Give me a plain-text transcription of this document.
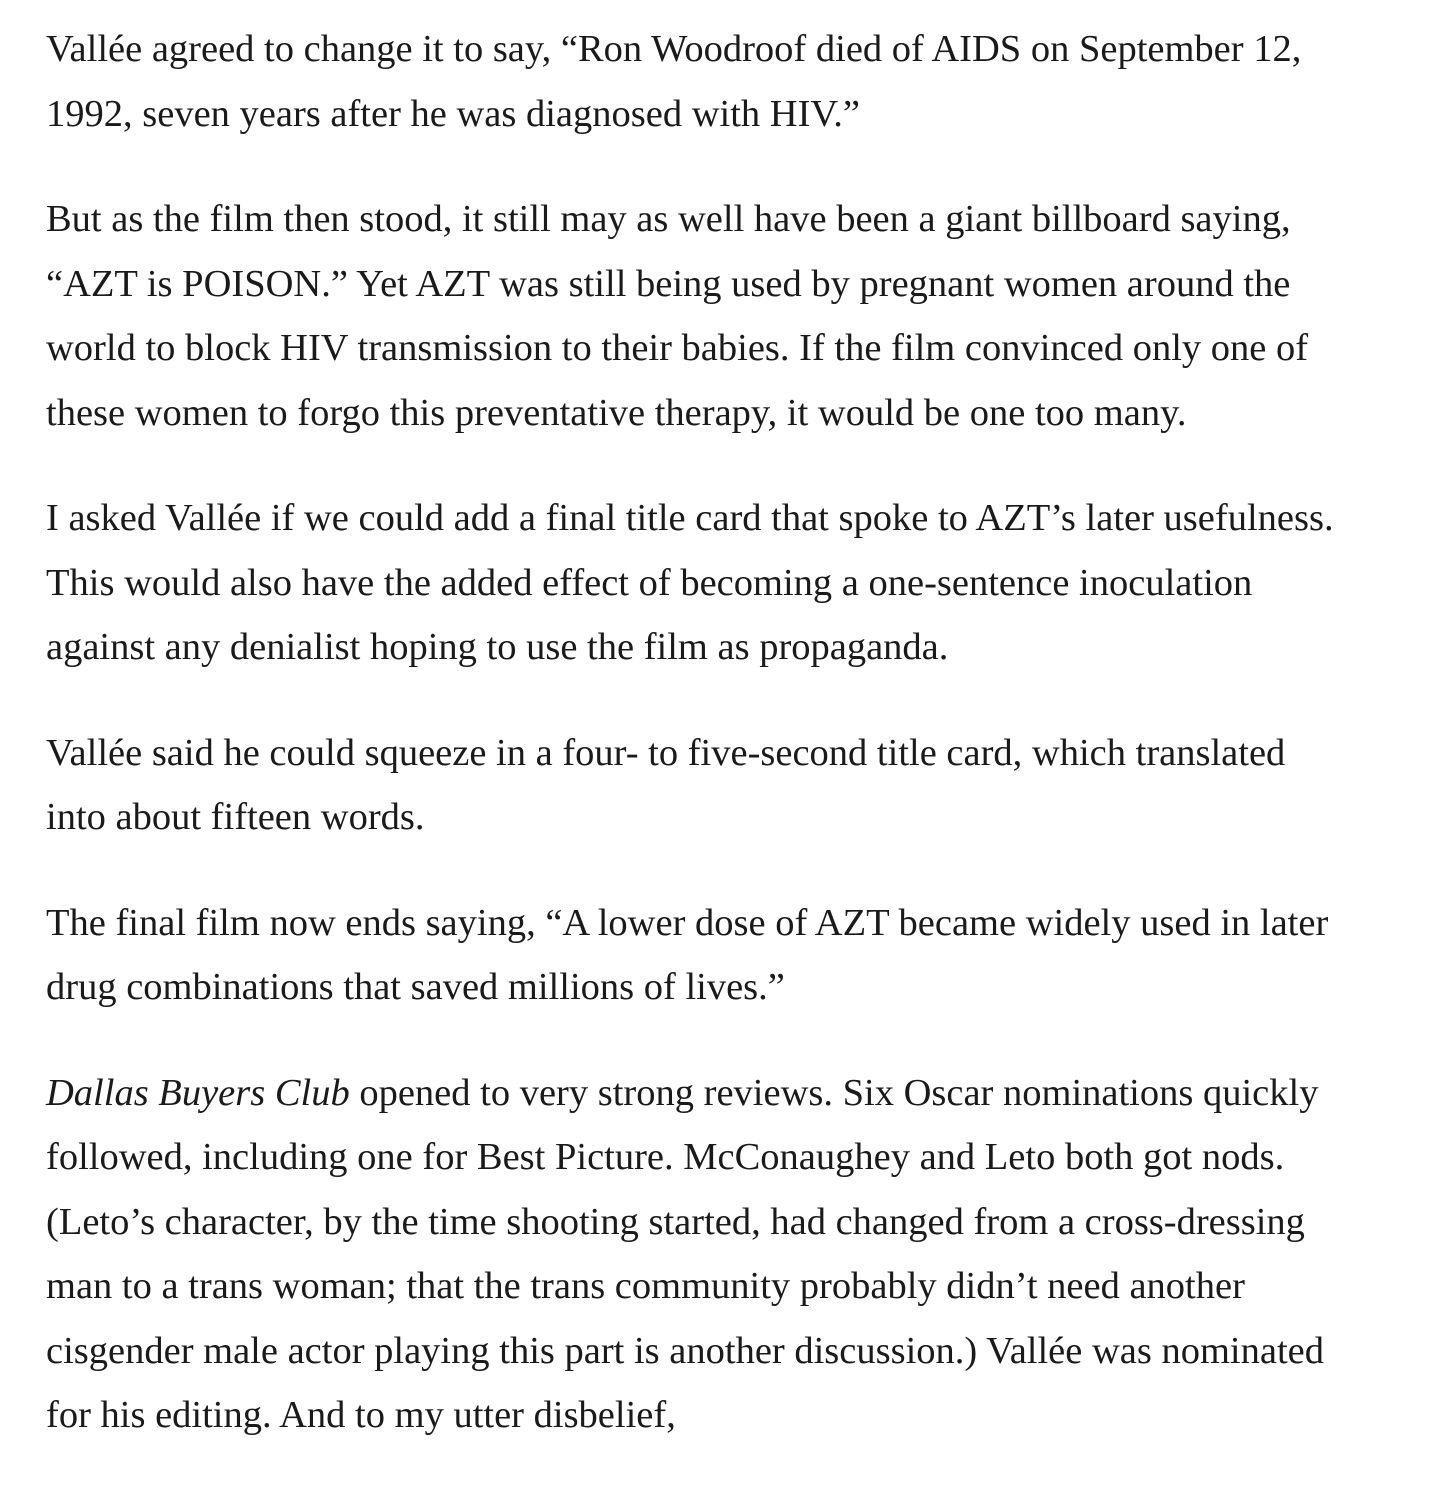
Vallée agreed to change it to say, “Ron Woodroof died of AIDS on September 12, 1992, seven years after he was diagnosed with HIV.”

But as the film then stood, it still may as well have been a giant billboard saying, “AZT is POISON.” Yet AZT was still being used by pregnant women around the world to block HIV transmission to their babies. If the film convinced only one of these women to forgo this preventative therapy, it would be one too many.

I asked Vallée if we could add a final title card that spoke to AZT’s later usefulness. This would also have the added effect of becoming a one-sentence inoculation against any denialist hoping to use the film as propaganda.

Vallée said he could squeeze in a four- to five-second title card, which translated into about fifteen words.

The final film now ends saying, “A lower dose of AZT became widely used in later drug combinations that saved millions of lives.”

Dallas Buyers Club opened to very strong reviews. Six Oscar nominations quickly followed, including one for Best Picture. McConaughey and Leto both got nods. (Leto’s character, by the time shooting started, had changed from a cross-dressing man to a trans woman; that the trans community probably didn’t need another cisgender male actor playing this part is another discussion.) Vallée was nominated for his editing. And to my utter disbelief,
